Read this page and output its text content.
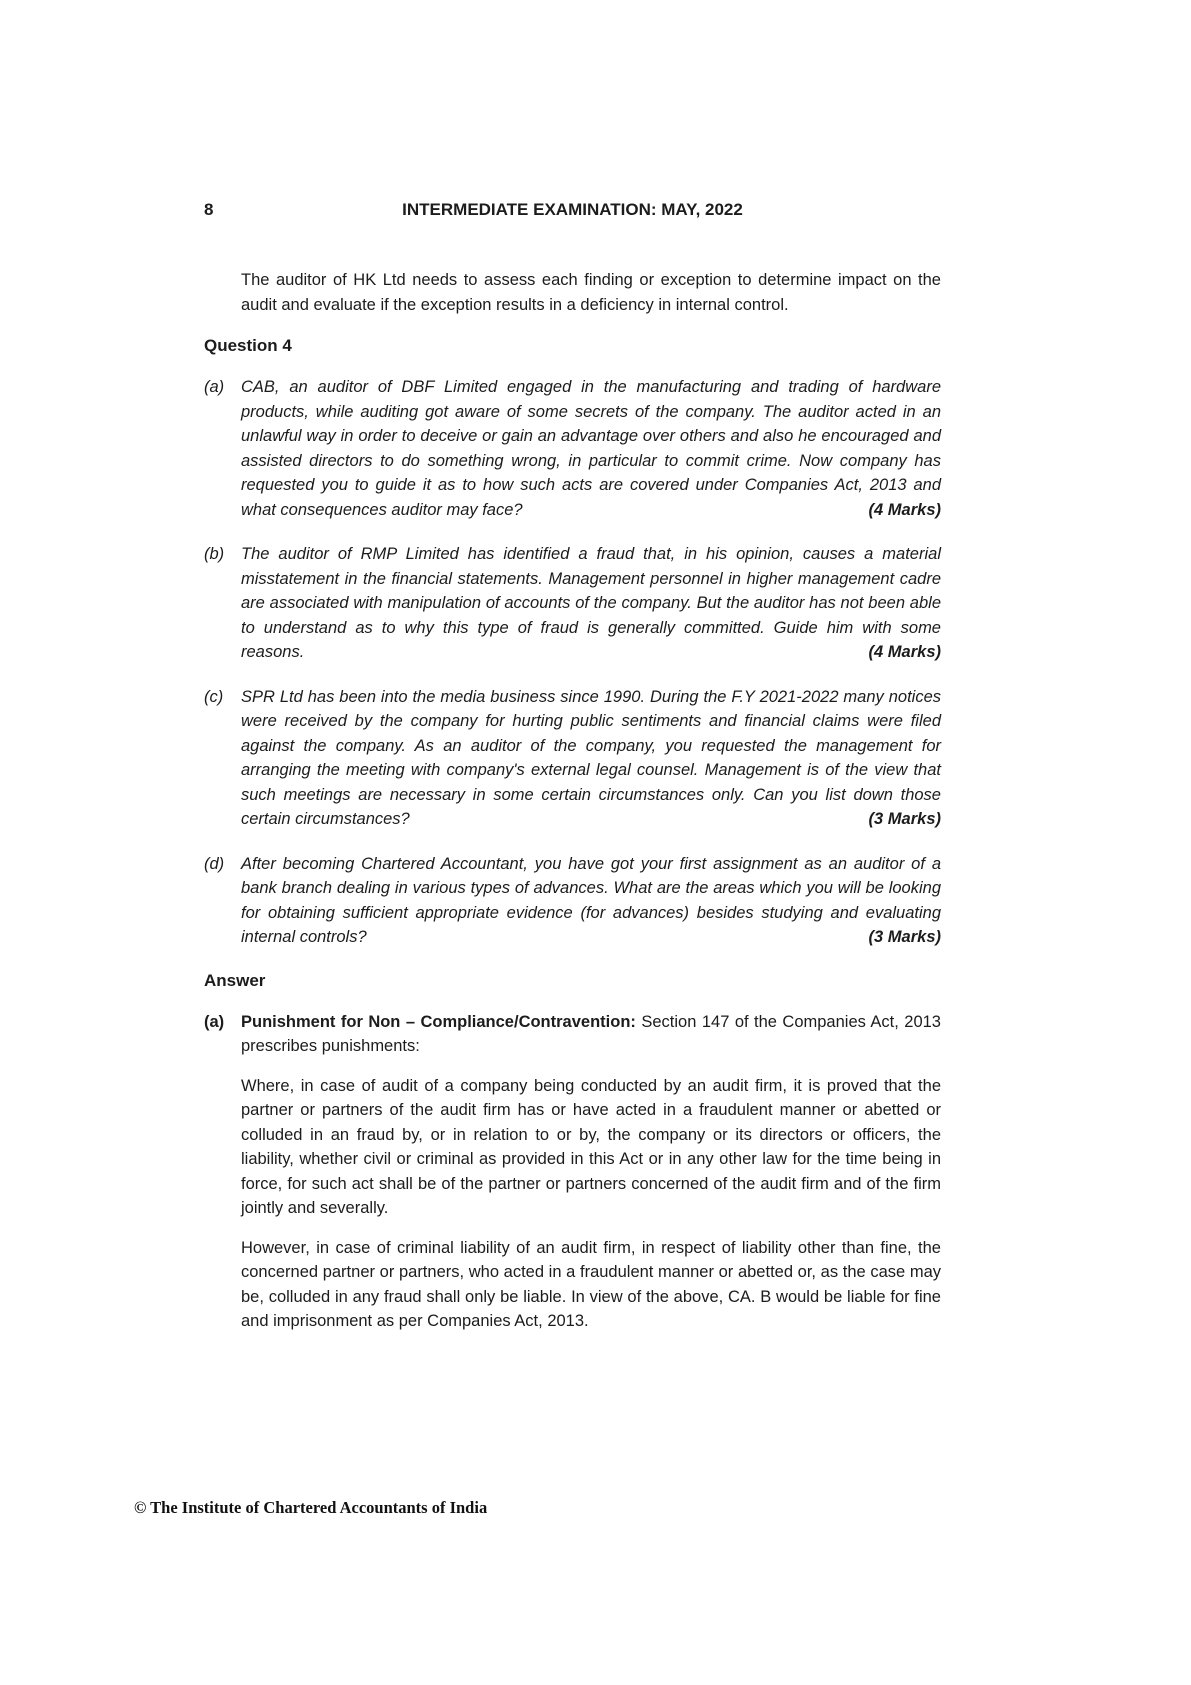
8	INTERMEDIATE EXAMINATION: MAY, 2022

The auditor of HK Ltd needs to assess each finding or exception to determine impact on the audit and evaluate if the exception results in a deficiency in internal control.

Question 4
(a)	CAB, an auditor of DBF Limited engaged in the manufacturing and trading of hardware products, while auditing got aware of some secrets of the company. The auditor acted in an unlawful way in order to deceive or gain an advantage over others and also he encouraged and assisted directors to do something wrong, in particular to commit crime. Now company has requested you to guide it as to how such acts are covered under Companies Act, 2013 and what consequences auditor may face?	(4 Marks)
(b)	The auditor of RMP Limited has identified a fraud that, in his opinion, causes a material misstatement in the financial statements. Management personnel in higher management cadre are associated with manipulation of accounts of the company. But the auditor has not been able to understand as to why this type of fraud is generally committed. Guide him with some reasons.	(4 Marks)
(c)	SPR Ltd has been into the media business since 1990. During the F.Y 2021-2022 many notices were received by the company for hurting public sentiments and financial claims were filed against the company. As an auditor of the company, you requested the management for arranging the meeting with company's external legal counsel. Management is of the view that such meetings are necessary in some certain circumstances only. Can you list down those certain circumstances?	(3 Marks)
(d)	After becoming Chartered Accountant, you have got your first assignment as an auditor of a bank branch dealing in various types of advances. What are the areas which you will be looking for obtaining sufficient appropriate evidence (for advances) besides studying and evaluating internal controls?	(3 Marks)
Answer
(a)	Punishment for Non – Compliance/Contravention: Section 147 of the Companies Act, 2013 prescribes punishments:

Where, in case of audit of a company being conducted by an audit firm, it is proved that the partner or partners of the audit firm has or have acted in a fraudulent manner or abetted or colluded in an fraud by, or in relation to or by, the company or its directors or officers, the liability, whether civil or criminal as provided in this Act or in any other law for the time being in force, for such act shall be of the partner or partners concerned of the audit firm and of the firm jointly and severally.

However, in case of criminal liability of an audit firm, in respect of liability other than fine, the concerned partner or partners, who acted in a fraudulent manner or abetted or, as the case may be, colluded in any fraud shall only be liable. In view of the above, CA. B would be liable for fine and imprisonment as per Companies Act, 2013.

© The Institute of Chartered Accountants of India
